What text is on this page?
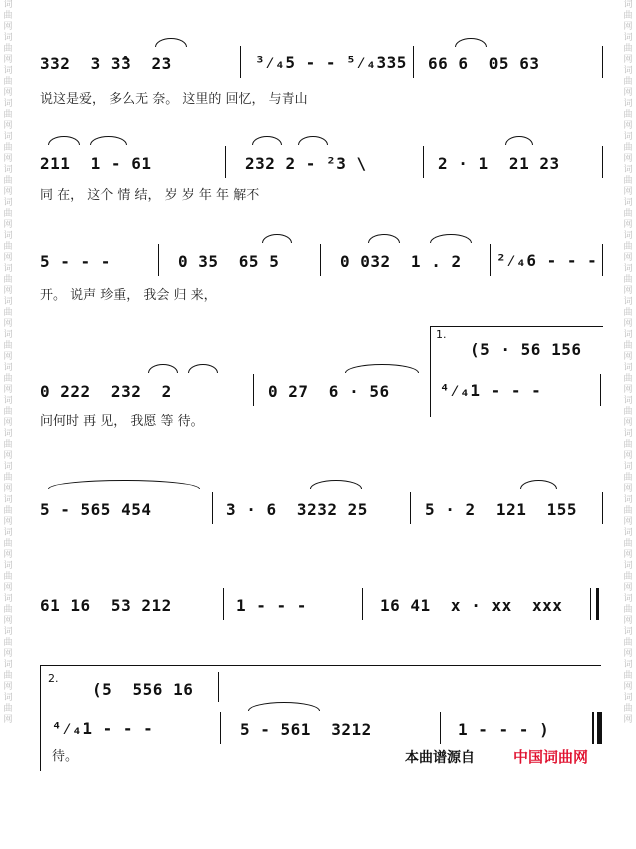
词曲网词曲网词曲网词曲网词曲网词曲网词曲网词曲网词曲网词曲网词曲网词曲网词曲网词曲网词曲网词曲网词曲网词曲网词曲网词曲网词曲网词曲网
词曲网词曲网词曲网词曲网词曲网词曲网词曲网词曲网词曲网词曲网词曲网词曲网词曲网词曲网词曲网词曲网词曲网词曲网词曲网词曲网词曲网词曲网

332  3 3̂3  23

	³⁄₄5 - - ⁵⁄₄335

66 6  05 63

说这是爱， 多么无 奈。 这里的 回忆， 与青山

211  1 - 61

	232 2 - ²3 \

	2 · 1  21 23

同 在， 这个 情 结， 岁 岁 年 年 解不

5 - - -

	0 35  65 5

	0 032  1 . 2

²⁄₄6 - - -

开。 说声 珍重， 我会 归 来，
1.
(5 · 56 156

0 222  232  2

	0 27  6 · 56

	⁴⁄₄1 - - -

问何时 再 见， 我愿 等 待。

5 - 565 454

	3 · 6  3232 25

	5 · 2  121  155

61 16  53 212

	1 - - -

	16 41  x · xx  xxx

2.
(5  556 16

⁴⁄₄1 - - -

	5 - 561  3212

	1 - - - )

待。	本曲谱源自	中国词曲网
